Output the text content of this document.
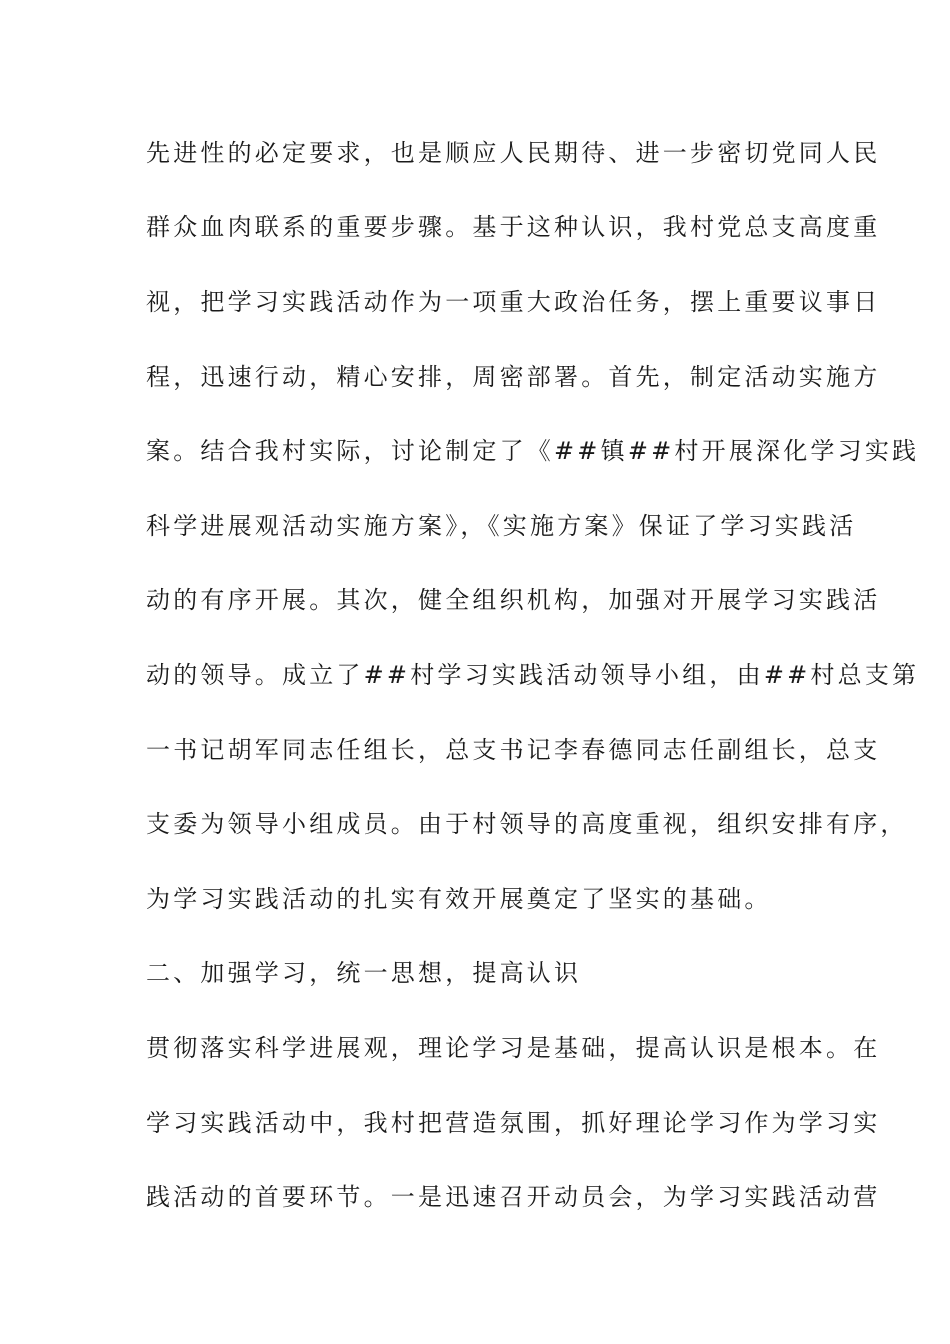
先进性的必定要求，也是顺应人民期待、进一步密切党同人民
群众血肉联系的重要步骤。基于这种认识，我村党总支高度重
视，把学习实践活动作为一项重大政治任务，摆上重要议事日
程，迅速行动，精心安排，周密部署。首先，制定活动实施方
案。结合我村实际，讨论制定了《##镇##村开展深化学习实践
科学进展观活动实施方案》，《实施方案》保证了学习实践活
动的有序开展。其次，健全组织机构，加强对开展学习实践活
动的领导。成立了##村学习实践活动领导小组，由##村总支第
一书记胡军同志任组长，总支书记李春德同志任副组长，总支
支委为领导小组成员。由于村领导的高度重视，组织安排有序，
为学习实践活动的扎实有效开展奠定了坚实的基础。
二、加强学习，统一思想，提高认识
贯彻落实科学进展观，理论学习是基础，提高认识是根本。在
学习实践活动中，我村把营造氛围，抓好理论学习作为学习实
践活动的首要环节。一是迅速召开动员会，为学习实践活动营
